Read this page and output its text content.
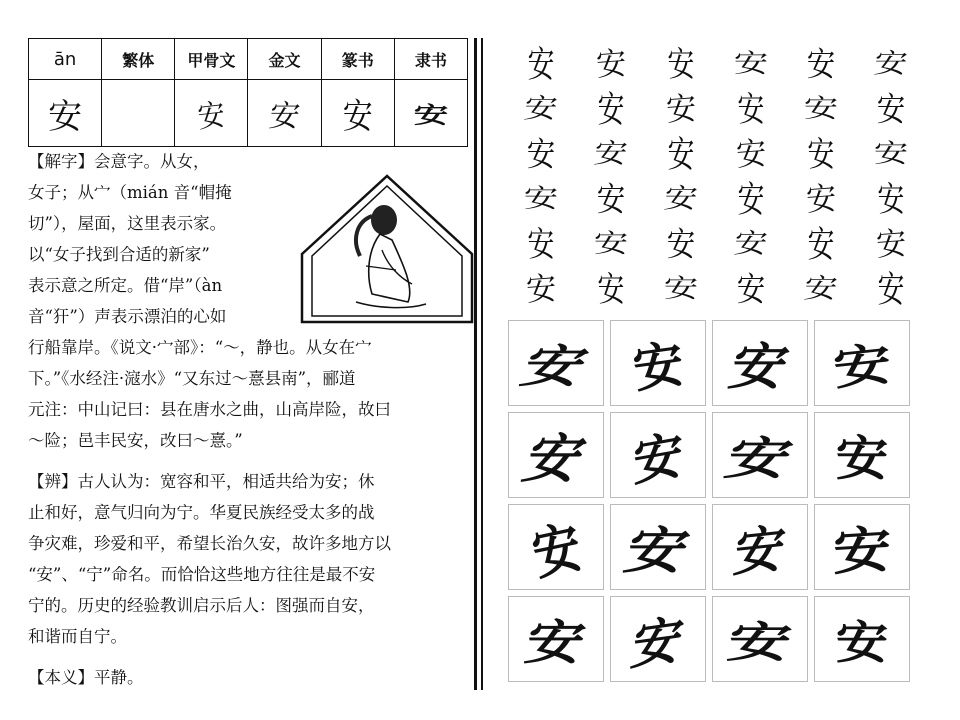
ān	繁体	甲骨文	金文	篆书	隶书
安		安	安	安	安
【解字】会意字。从女，
女子；从宀（mián 音“帽掩
切”），屋面，这里表示家。
以“女子找到合适的新家”
表示意之所定。借“岸”（àn
音“犴”）声表示漂泊的心如
行船靠岸。《说文·宀部》：“～，静也。从女在宀
下。”《水经注·滱水》“又东过～憙县南”，郦道
元注：中山记曰：县在唐水之曲，山高岸险，故曰
～险；邑丰民安，改曰～憙。”
【辨】古人认为：宽容和平，相适共给为安；休
止和好，意气归向为宁。华夏民族经受太多的战
争灾难，珍爱和平，希望长治久安，故许多地方以
“安”、“宁”命名。而恰恰这些地方往往是最不安
宁的。历史的经验教训启示后人：图强而自安，
和谐而自宁。
【本义】平静。
安 安 安 安 安 安
安 安 安 安 安 安
安 安 安 安 安 安
安 安 安 安 安 安
安 安 安 安 安 安
安 安 安 安 安 安
安 安 安 安
安 安 安 安
安 安 安 安
安 安 安 安
